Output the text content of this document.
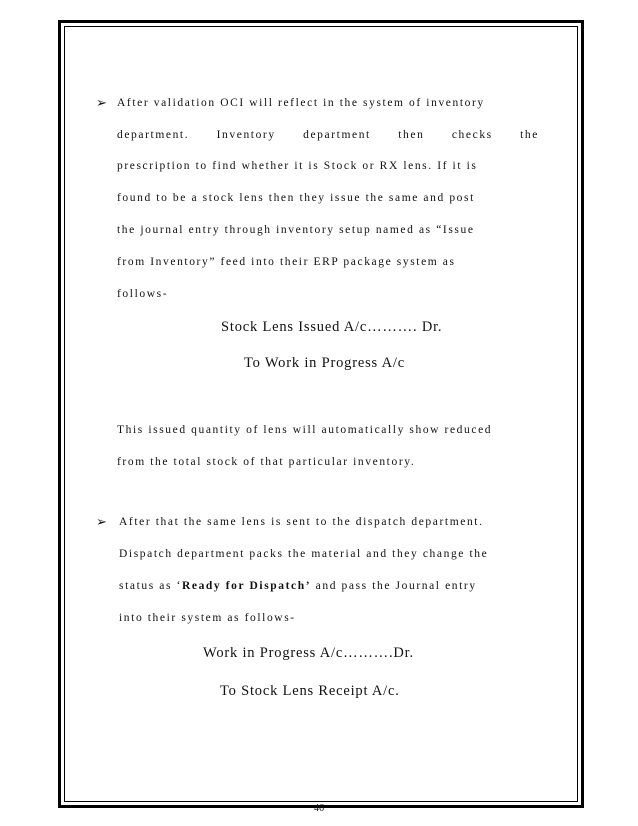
➢ After validation OCI will reflect in the system of inventory
department. Inventory department then checks the
prescription to find whether it is Stock or RX lens. If it is
found to be a stock lens then they issue the same and post
the journal entry through inventory setup named as “Issue
from Inventory” feed into their ERP package system as
follows-
Stock Lens Issued A/c………. Dr.
To Work in Progress A/c
This issued quantity of lens will automatically show reduced
from the total stock of that particular inventory.
➢ After that the same lens is sent to the dispatch department.
Dispatch department packs the material and they change the
status as ‘Ready for Dispatch’ and pass the Journal entry
into their system as follows-
Work in Progress A/c……….Dr.
To Stock Lens Receipt A/c.
46
